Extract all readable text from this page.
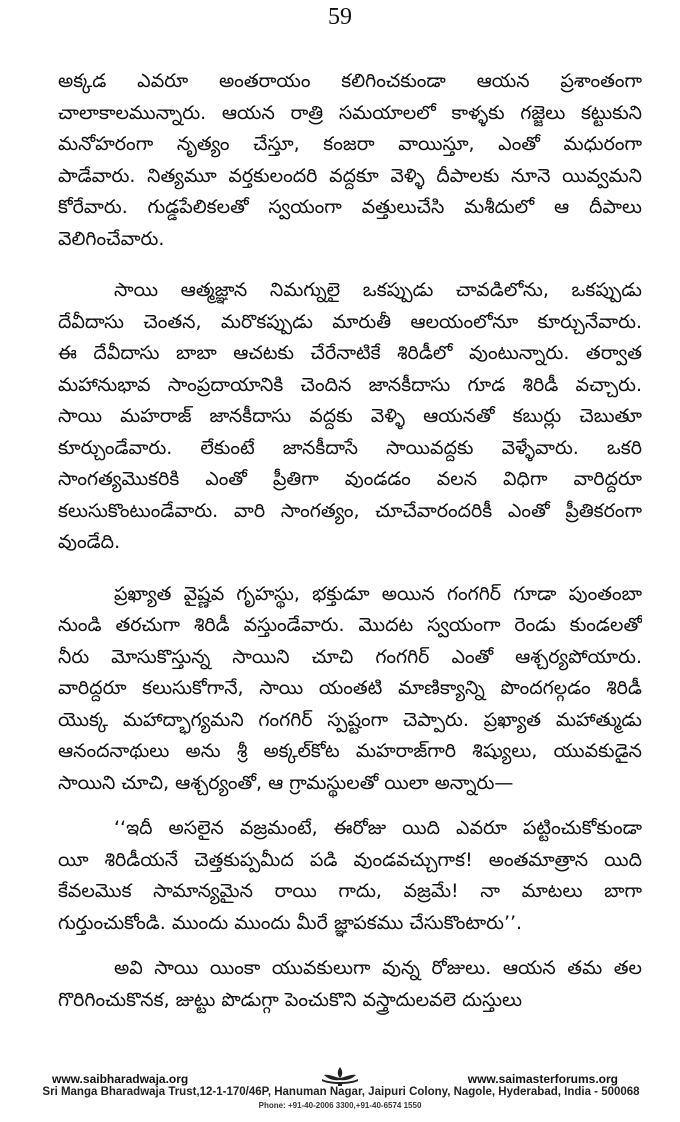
59
అక్కడ ఎవరూ అంతరాయం కలిగించకుండా ఆయన ప్రశాంతంగా
చాలాకాలమున్నారు. ఆయన రాత్రి సమయాలలో కాళ్ళకు గజ్జెలు కట్టుకుని
మనోహరంగా నృత్యం చేస్తూ, కంజరా వాయిస్తూ, ఎంతో మధురంగా
పాడేవారు. నిత్యమూ వర్తకులందరి వద్దకూ వెళ్ళి దీపాలకు నూనె యివ్వమని
కోరేవారు. గుడ్డపేలికలతో స్వయంగా వత్తులుచేసి మశీదులో ఆ దీపాలు
వెలిగించేవారు.
సాయి ఆత్మజ్ఞాన నిమగ్నులై ఒకప్పుడు చావడిలోను, ఒకప్పుడు
దేవీదాసు చెంతన, మరొకప్పుడు మారుతీ ఆలయంలోనూ కూర్చునేవారు.
ఈ దేవీదాసు బాబా ఆచటకు చేరేనాటికే శిరిడీలో వుంటున్నారు. తర్వాత
మహానుభావ సాంప్రదాయానికి చెందిన జానకీదాసు గూడ శిరిడీ వచ్చారు.
సాయి మహరాజ్ జానకీదాసు వద్దకు వెళ్ళి ఆయనతో కబుర్లు చెబుతూ
కూర్చుండేవారు. లేకుంటే జానకీదాసే సాయివద్దకు వెళ్ళేవారు. ఒకరి
సాంగత్యమొకరికి ఎంతో ప్రీతిగా వుండడం వలన విధిగా వారిద్దరూ
కలుసుకొంటుండేవారు. వారి సాంగత్యం, చూచేవారందరికీ ఎంతో ప్రీతికరంగా
వుండేది.
ప్రఖ్యాత వైష్ణవ గృహస్థు, భక్తుడూ అయిన గంగగిర్ గూడా పుంతంబా
నుండి తరచుగా శిరిడీ వస్తుండేవారు. మొదట స్వయంగా రెండు కుండలతో
నీరు మోసుకొస్తున్న సాయిని చూచి గంగగిర్ ఎంతో ఆశ్చర్యపోయారు.
వారిద్దరూ కలుసుకోగానే, సాయి యంతటి మాణిక్యాన్ని పొందగల్గడం శిరిడీ
యొక్క మహాద్భాగ్యమని గంగగిర్ స్పష్టంగా చెప్పారు. ప్రఖ్యాత మహాత్ముడు
ఆనందనాథులు అను శ్రీ అక్కల్‌కోట మహరాజ్‌గారి శిష్యులు, యువకుడైన
సాయిని చూచి, ఆశ్చర్యంతో, ఆ గ్రామస్థులతో యిలా అన్నారు—
‘‘ఇదీ అసలైన వజ్రమంటే, ఈరోజు యిది ఎవరూ పట్టించుకోకుండా
యీ శిరిడీయనే చెత్తకుప్పమీద పడి వుండవచ్చుగాక! అంతమాత్రాన యిది
కేవలమొక సామాన్యమైన రాయి గాదు, వజ్రమే! నా మాటలు బాగా
గుర్తుంచుకోండి. ముందు ముందు మీరే జ్ఞాపకము చేసుకొంటారు’’.
అవి సాయి యింకా యువకులుగా వున్న రోజులు. ఆయన తమ తల
గొరిగించుకొనక, జుట్టు పొడుగ్గా పెంచుకొని వస్త్రాదులవలె దుస్తులు
www.saibharadwaja.org	www.saimasterforums.org
Sri Manga Bharadwaja Trust,12-1-170/46P, Hanuman Nagar, Jaipuri Colony, Nagole, Hyderabad, India - 500068
Phone: +91-40-2006 3300,+91-40-6574 1550
